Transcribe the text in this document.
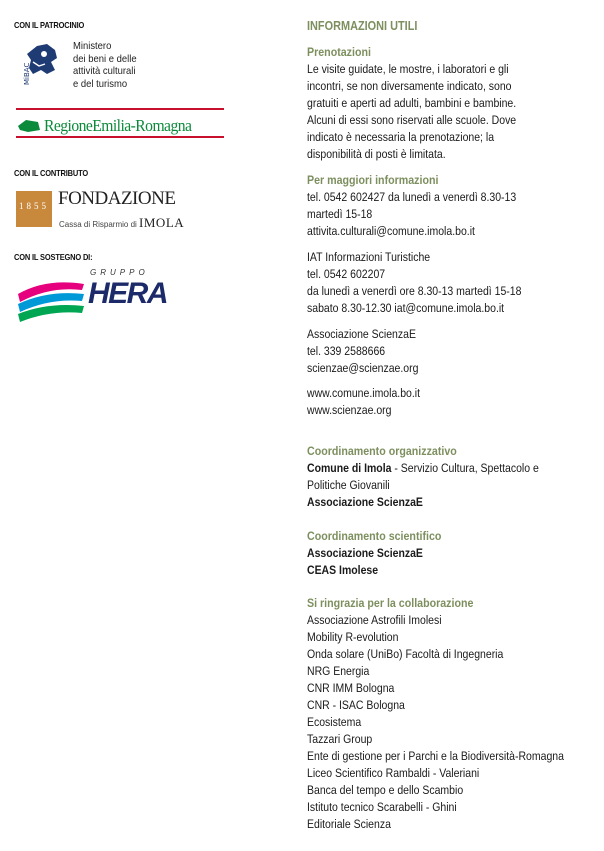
CON IL PATROCINIO
MiBAC
Ministero
dei beni e delle
attività culturali
e del turismo
RegioneEmilia-Romagna
CON IL CONTRIBUTO
1855 FONDAZIONE
Cassa di Risparmio di IMOLA
CON IL SOSTEGNO DI:
GRUPPO
HERA
INFORMAZIONI UTILI
Prenotazioni
Le visite guidate, le mostre, i laboratori e gli
incontri, se non diversamente indicato, sono
gratuiti e aperti ad adulti, bambini e bambine.
Alcuni di essi sono riservati alle scuole. Dove
indicato è necessaria la prenotazione; la
disponibilità di posti è limitata.
Per maggiori informazioni
tel. 0542 602427 da lunedì a venerdì 8.30-13
martedì 15-18
attivita.culturali@comune.imola.bo.it
IAT Informazioni Turistiche
tel. 0542 602207
da lunedì a venerdì ore 8.30-13 martedì 15-18
sabato 8.30-12.30 iat@comune.imola.bo.it
Associazione ScienzaE
tel. 339 2588666
scienzae@scienzae.org
www.comune.imola.bo.it
www.scienzae.org
Coordinamento organizzativo
Comune di Imola - Servizio Cultura, Spettacolo e
Politiche Giovanili
Associazione ScienzaE
Coordinamento scientifico
Associazione ScienzaE
CEAS Imolese
Si ringrazia per la collaborazione
Associazione Astrofili Imolesi
Mobility R-evolution
Onda solare (UniBo) Facoltà di Ingegneria
NRG Energia
CNR IMM Bologna
CNR - ISAC Bologna
Ecosistema
Tazzari Group
Ente di gestione per i Parchi e la Biodiversità-Romagna
Liceo Scientifico Rambaldi - Valeriani
Banca del tempo e dello Scambio
Istituto tecnico Scarabelli - Ghini
Editoriale Scienza
